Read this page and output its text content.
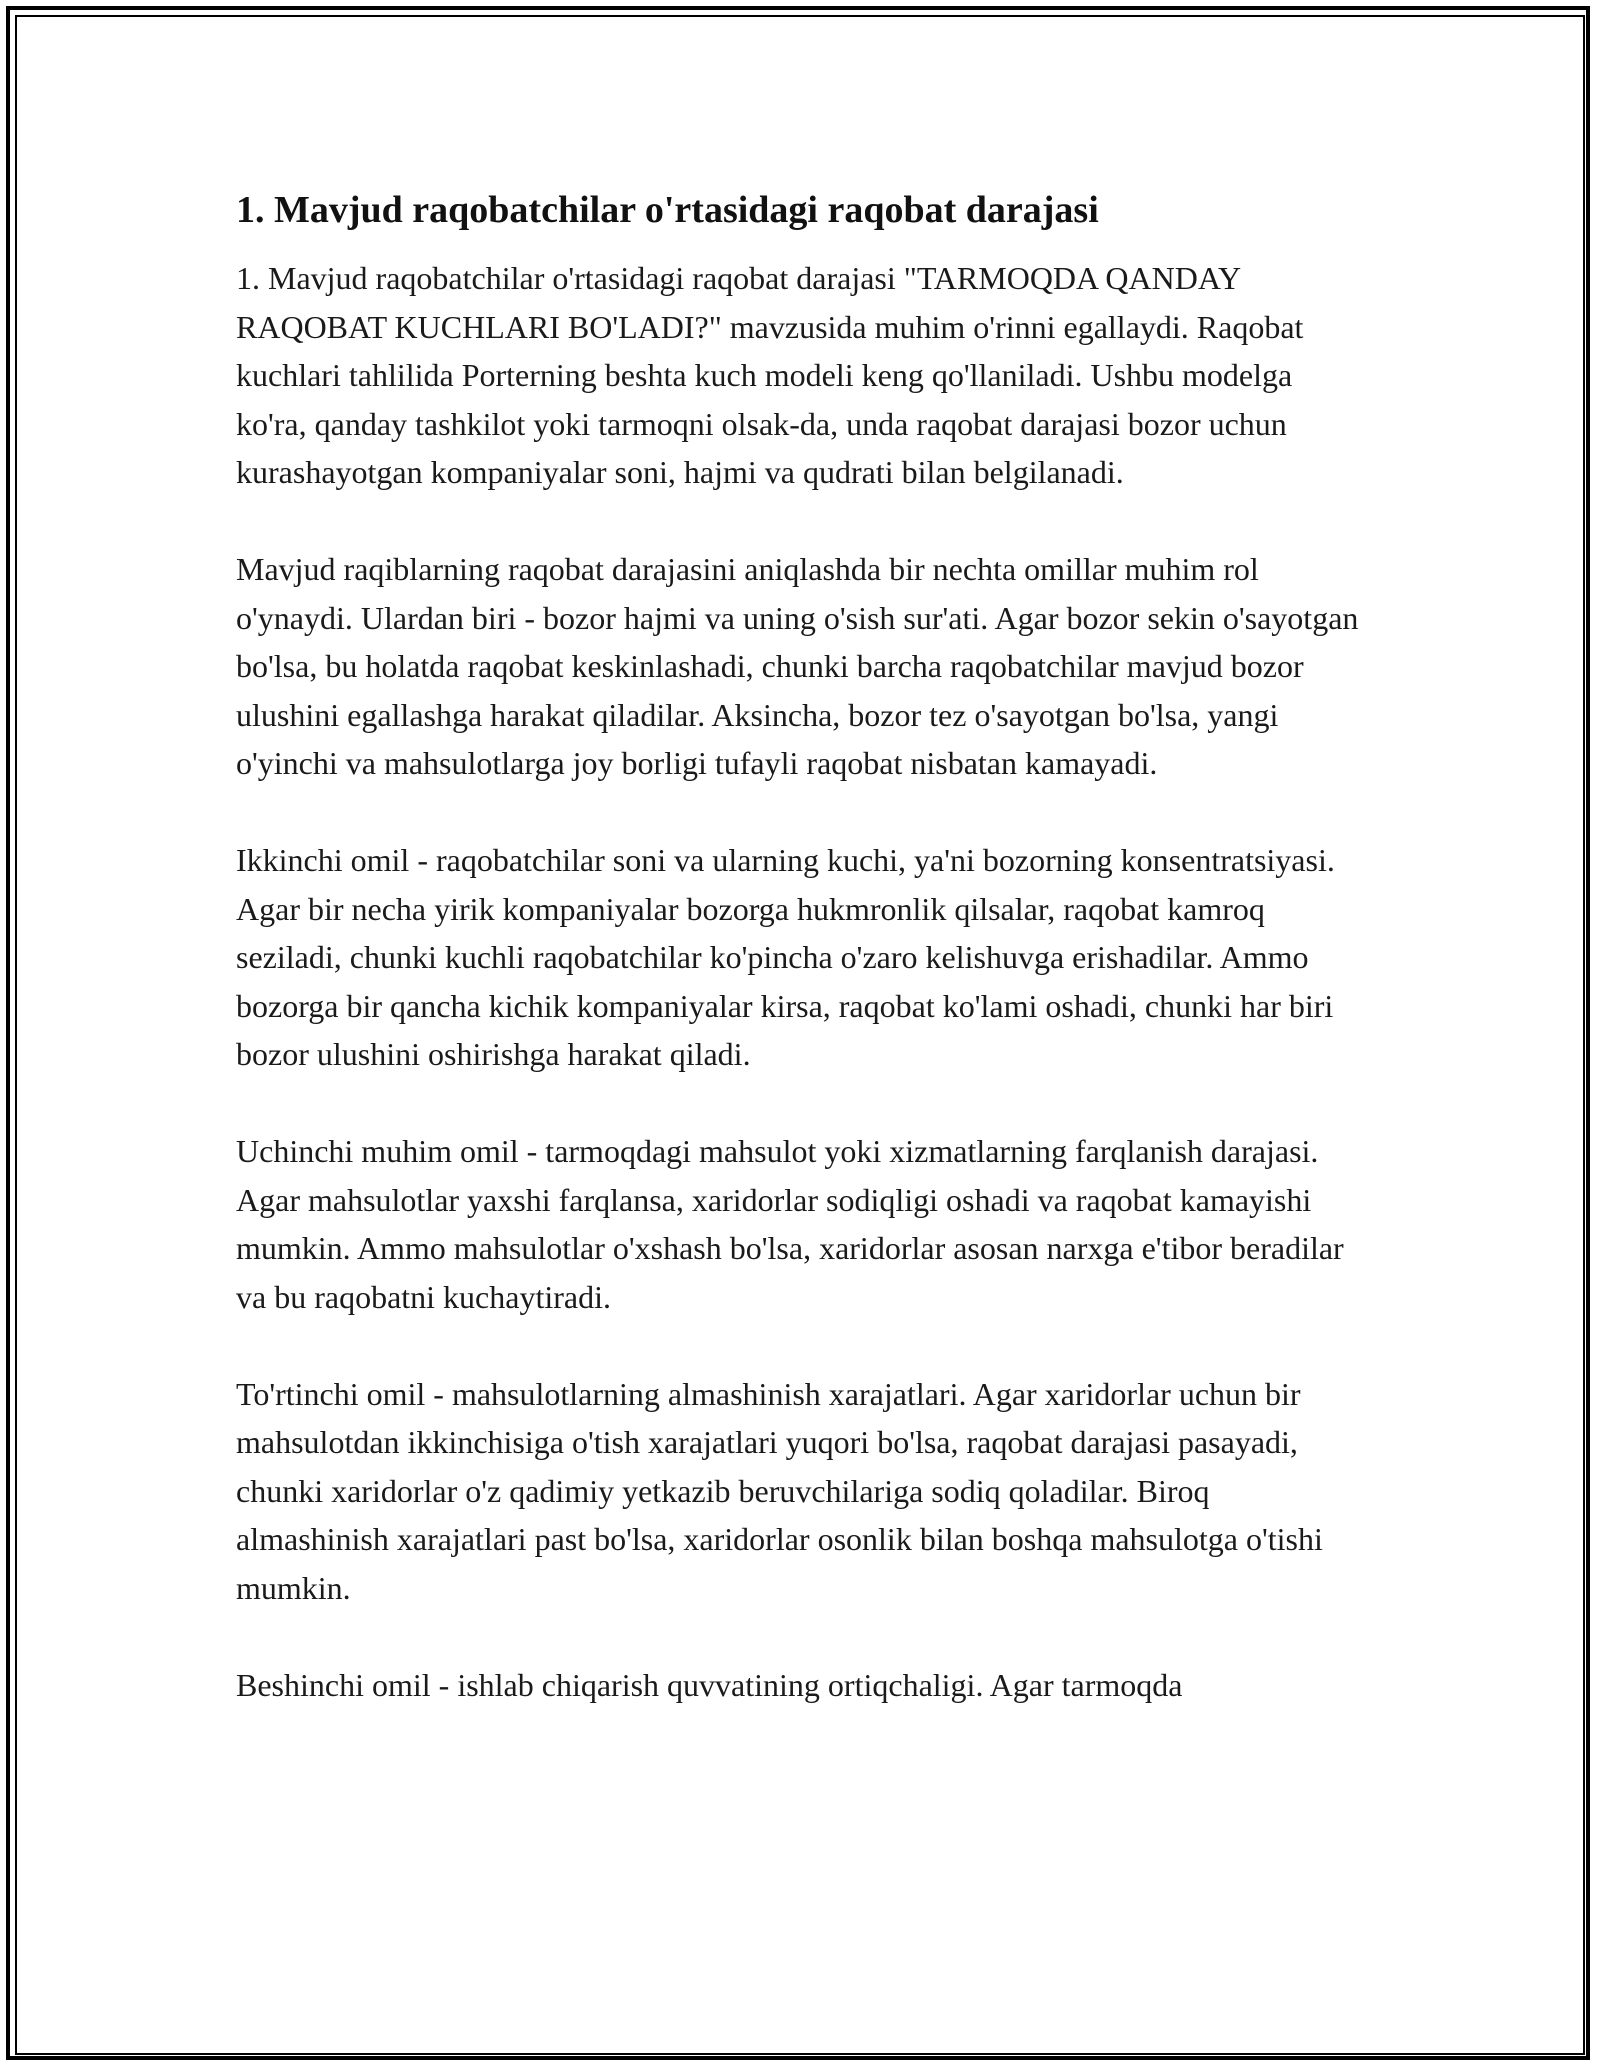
1. Mavjud raqobatchilar o'rtasidagi raqobat darajasi

1. Mavjud raqobatchilar o'rtasidagi raqobat darajasi "TARMOQDA QANDAY RAQOBAT KUCHLARI BO'LADI?" mavzusida muhim o'rinni egallaydi. Raqobat kuchlari tahlilida Porterning beshta kuch modeli keng qo'llaniladi. Ushbu modelga ko'ra, qanday tashkilot yoki tarmoqni olsak-da, unda raqobat darajasi bozor uchun kurashayotgan kompaniyalar soni, hajmi va qudrati bilan belgilanadi.

Mavjud raqiblarning raqobat darajasini aniqlashda bir nechta omillar muhim rol o'ynaydi. Ulardan biri - bozor hajmi va uning o'sish sur'ati. Agar bozor sekin o'sayotgan bo'lsa, bu holatda raqobat keskinlashadi, chunki barcha raqobatchilar mavjud bozor ulushini egallashga harakat qiladilar. Aksincha, bozor tez o'sayotgan bo'lsa, yangi o'yinchi va mahsulotlarga joy borligi tufayli raqobat nisbatan kamayadi.

Ikkinchi omil - raqobatchilar soni va ularning kuchi, ya'ni bozorning konsentratsiyasi. Agar bir necha yirik kompaniyalar bozorga hukmronlik qilsalar, raqobat kamroq seziladi, chunki kuchli raqobatchilar ko'pincha o'zaro kelishuvga erishadilar. Ammo bozorga bir qancha kichik kompaniyalar kirsa, raqobat ko'lami oshadi, chunki har biri bozor ulushini oshirishga harakat qiladi.

Uchinchi muhim omil - tarmoqdagi mahsulot yoki xizmatlarning farqlanish darajasi. Agar mahsulotlar yaxshi farqlansa, xaridorlar sodiqligi oshadi va raqobat kamayishi mumkin. Ammo mahsulotlar o'xshash bo'lsa, xaridorlar asosan narxga e'tibor beradilar va bu raqobatni kuchaytiradi.

To'rtinchi omil - mahsulotlarning almashinish xarajatlari. Agar xaridorlar uchun bir mahsulotdan ikkinchisiga o'tish xarajatlari yuqori bo'lsa, raqobat darajasi pasayadi, chunki xaridorlar o'z qadimiy yetkazib beruvchilariga sodiq qoladilar. Biroq almashinish xarajatlari past bo'lsa, xaridorlar osonlik bilan boshqa mahsulotga o'tishi mumkin.

Beshinchi omil - ishlab chiqarish quvvatining ortiqchaligi. Agar tarmoqda
